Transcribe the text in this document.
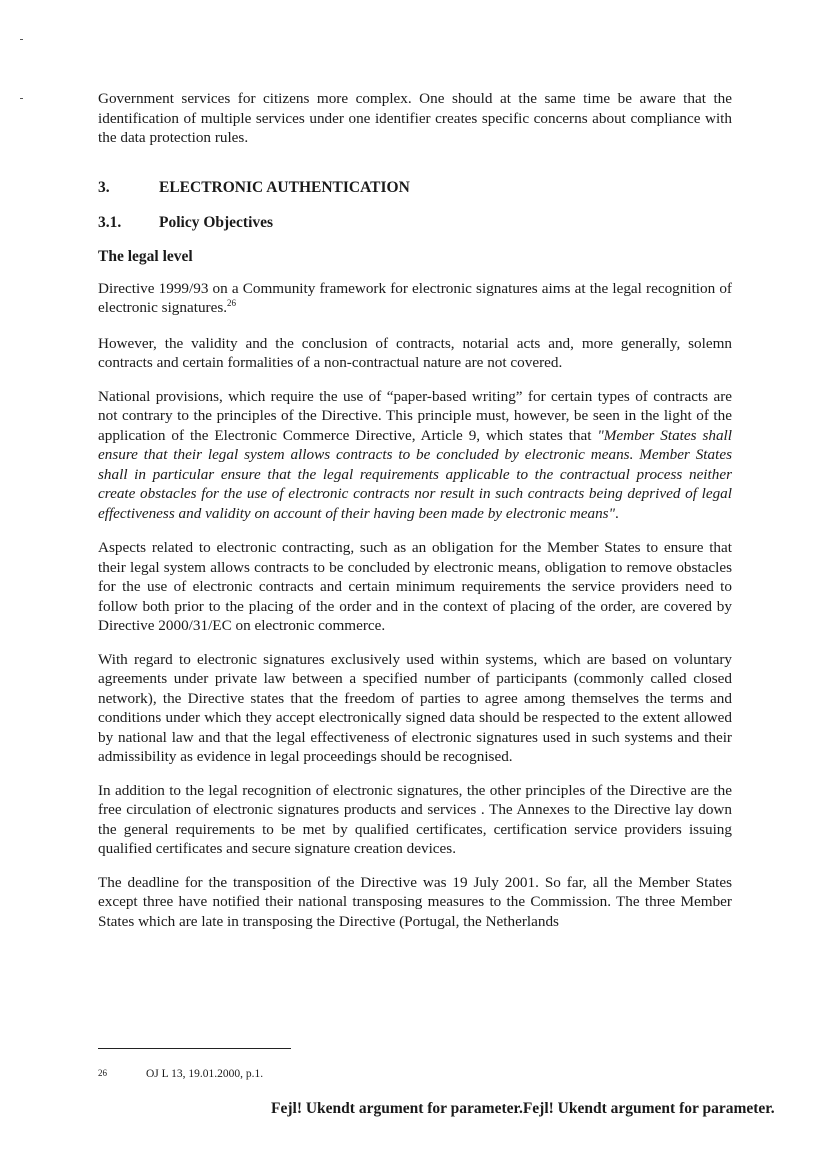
Government services for citizens more complex. One should at the same time be aware that the identification of multiple services under one identifier creates specific concerns about compliance with the data protection rules.

3.	ELECTRONIC AUTHENTICATION
3.1.	Policy Objectives
The legal level

Directive 1999/93 on a Community framework for electronic signatures aims at the legal recognition of electronic signatures.$^{26}$

However, the validity and the conclusion of contracts, notarial acts and, more generally, solemn contracts and certain formalities of a non-contractual nature are not covered.

National provisions, which require the use of “paper-based writing” for certain types of contracts are not contrary to the principles of the Directive. This principle must, however, be seen in the light of the application of the Electronic Commerce Directive, Article 9, which states that "Member States shall ensure that their legal system allows contracts to be concluded by electronic means. Member States shall in particular ensure that the legal requirements applicable to the contractual process neither create obstacles for the use of electronic contracts nor result in such contracts being deprived of legal effectiveness and validity on account of their having been made by electronic means".

Aspects related to electronic contracting, such as an obligation for the Member States to ensure that their legal system allows contracts to be concluded by electronic means, obligation to remove obstacles for the use of electronic contracts and certain minimum requirements the service providers need to follow both prior to the placing of the order and in the context of placing of the order, are covered by Directive 2000/31/EC on electronic commerce.

With regard to electronic signatures exclusively used within systems, which are based on voluntary agreements under private law between a specified number of participants (commonly called closed network), the Directive states that the freedom of parties to agree among themselves the terms and conditions under which they accept electronically signed data should be respected to the extent allowed by national law and that the legal effectiveness of electronic signatures used in such systems and their admissibility as evidence in legal proceedings should be recognised.

In addition to the legal recognition of electronic signatures, the other principles of the Directive are the free circulation of electronic signatures products and services . The Annexes to the Directive lay down the general requirements to be met by qualified certificates, certification service providers issuing qualified certificates and secure signature creation devices.

The deadline for the transposition of the Directive was 19 July 2001. So far, all the Member States except three have notified their national transposing measures to the Commission. The three Member States which are late in transposing the Directive (Portugal, the Netherlands

26	OJ L 13, 19.01.2000, p.1.
Fejl! Ukendt argument for parameter.Fejl! Ukendt argument for parameter.
